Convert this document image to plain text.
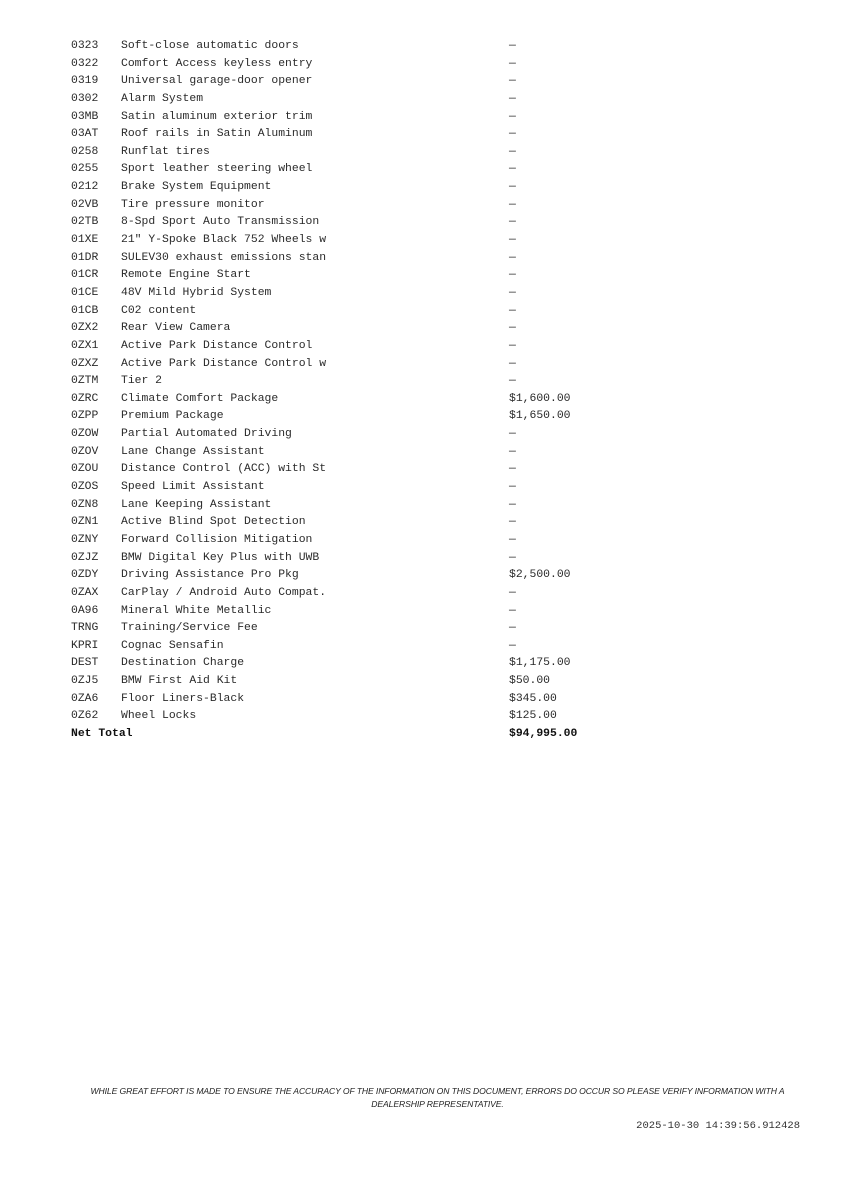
0323	Soft-close automatic doors	—
0322	Comfort Access keyless entry	—
0319	Universal garage-door opener	—
0302	Alarm System	—
03MB	Satin aluminum exterior trim	—
03AT	Roof rails in Satin Aluminum	—
0258	Runflat tires	—
0255	Sport leather steering wheel	—
0212	Brake System Equipment	—
02VB	Tire pressure monitor	—
02TB	8-Spd Sport Auto Transmission	—
01XE	21" Y-Spoke Black 752 Wheels w	—
01DR	SULEV30 exhaust emissions stan	—
01CR	Remote Engine Start	—
01CE	48V Mild Hybrid System	—
01CB	C02 content	—
0ZX2	Rear View Camera	—
0ZX1	Active Park Distance Control	—
0ZXZ	Active Park Distance Control w	—
0ZTM	Tier 2	—
0ZRC	Climate Comfort Package	$1,600.00
0ZPP	Premium Package	$1,650.00
0ZOW	Partial Automated Driving	—
0ZOV	Lane Change Assistant	—
0ZOU	Distance Control (ACC) with St	—
0ZOS	Speed Limit Assistant	—
0ZN8	Lane Keeping Assistant	—
0ZN1	Active Blind Spot Detection	—
0ZNY	Forward Collision Mitigation	—
0ZJZ	BMW Digital Key Plus with UWB	—
0ZDY	Driving Assistance Pro Pkg	$2,500.00
0ZAX	CarPlay / Android Auto Compat.	—
0A96	Mineral White Metallic	—
TRNG	Training/Service Fee	—
KPRI	Cognac Sensafin	—
DEST	Destination Charge	$1,175.00
0ZJ5	BMW First Aid Kit	$50.00
0ZA6	Floor Liners-Black	$345.00
0Z62	Wheel Locks	$125.00
Net Total		$94,995.00
WHILE GREAT EFFORT IS MADE TO ENSURE THE ACCURACY OF THE INFORMATION ON THIS DOCUMENT, ERRORS DO OCCUR SO PLEASE VERIFY INFORMATION WITH A DEALERSHIP REPRESENTATIVE.
2025-10-30 14:39:56.912428
